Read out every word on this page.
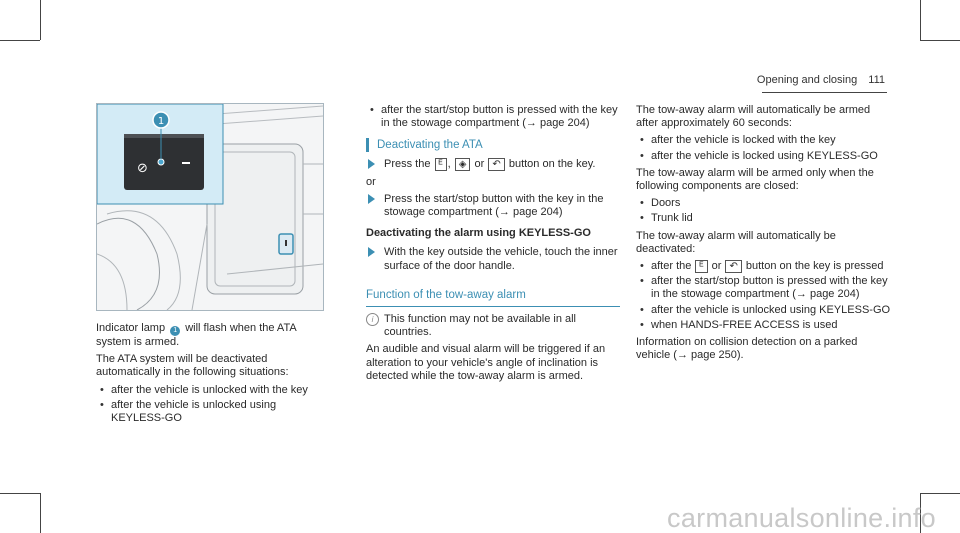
Opening and closing 111
⊘
1

Indicator lamp 1 will flash when the ATA system is armed.

The ATA system will be deactivated automatically in the following situations:

• after the vehicle is unlocked with the key
• after the vehicle is unlocked using KEYLESS-GO
• after the start/stop button is pressed with the key in the stowage compartment (→ page 204)
Deactivating the ATA
Press the ᴱ , ◈ or ↶ button on the key.

or

Press the start/stop button with the key in the stowage compartment (→ page 204)
Deactivating the alarm using KEYLESS-GO
With the key outside the vehicle, touch the inner surface of the door handle.
Function of the tow-away alarm
i This function may not be available in all countries.

An audible and visual alarm will be triggered if an alteration to your vehicle's angle of inclination is detected while the tow-away alarm is armed.

The tow-away alarm will automatically be armed after approximately 60 seconds:

• after the vehicle is locked with the key
• after the vehicle is locked using KEYLESS-GO

The tow-away alarm will be armed only when the following components are closed:

• Doors
• Trunk lid

The tow-away alarm will automatically be deactivated:

• after the ᴱ or ↶ button on the key is pressed
• after the start/stop button is pressed with the key in the stowage compartment (→ page 204)
• after the vehicle is unlocked using KEYLESS-GO
• when HANDS-FREE ACCESS is used

Information on collision detection on a parked vehicle (→ page 250).

carmanualsonline.info
